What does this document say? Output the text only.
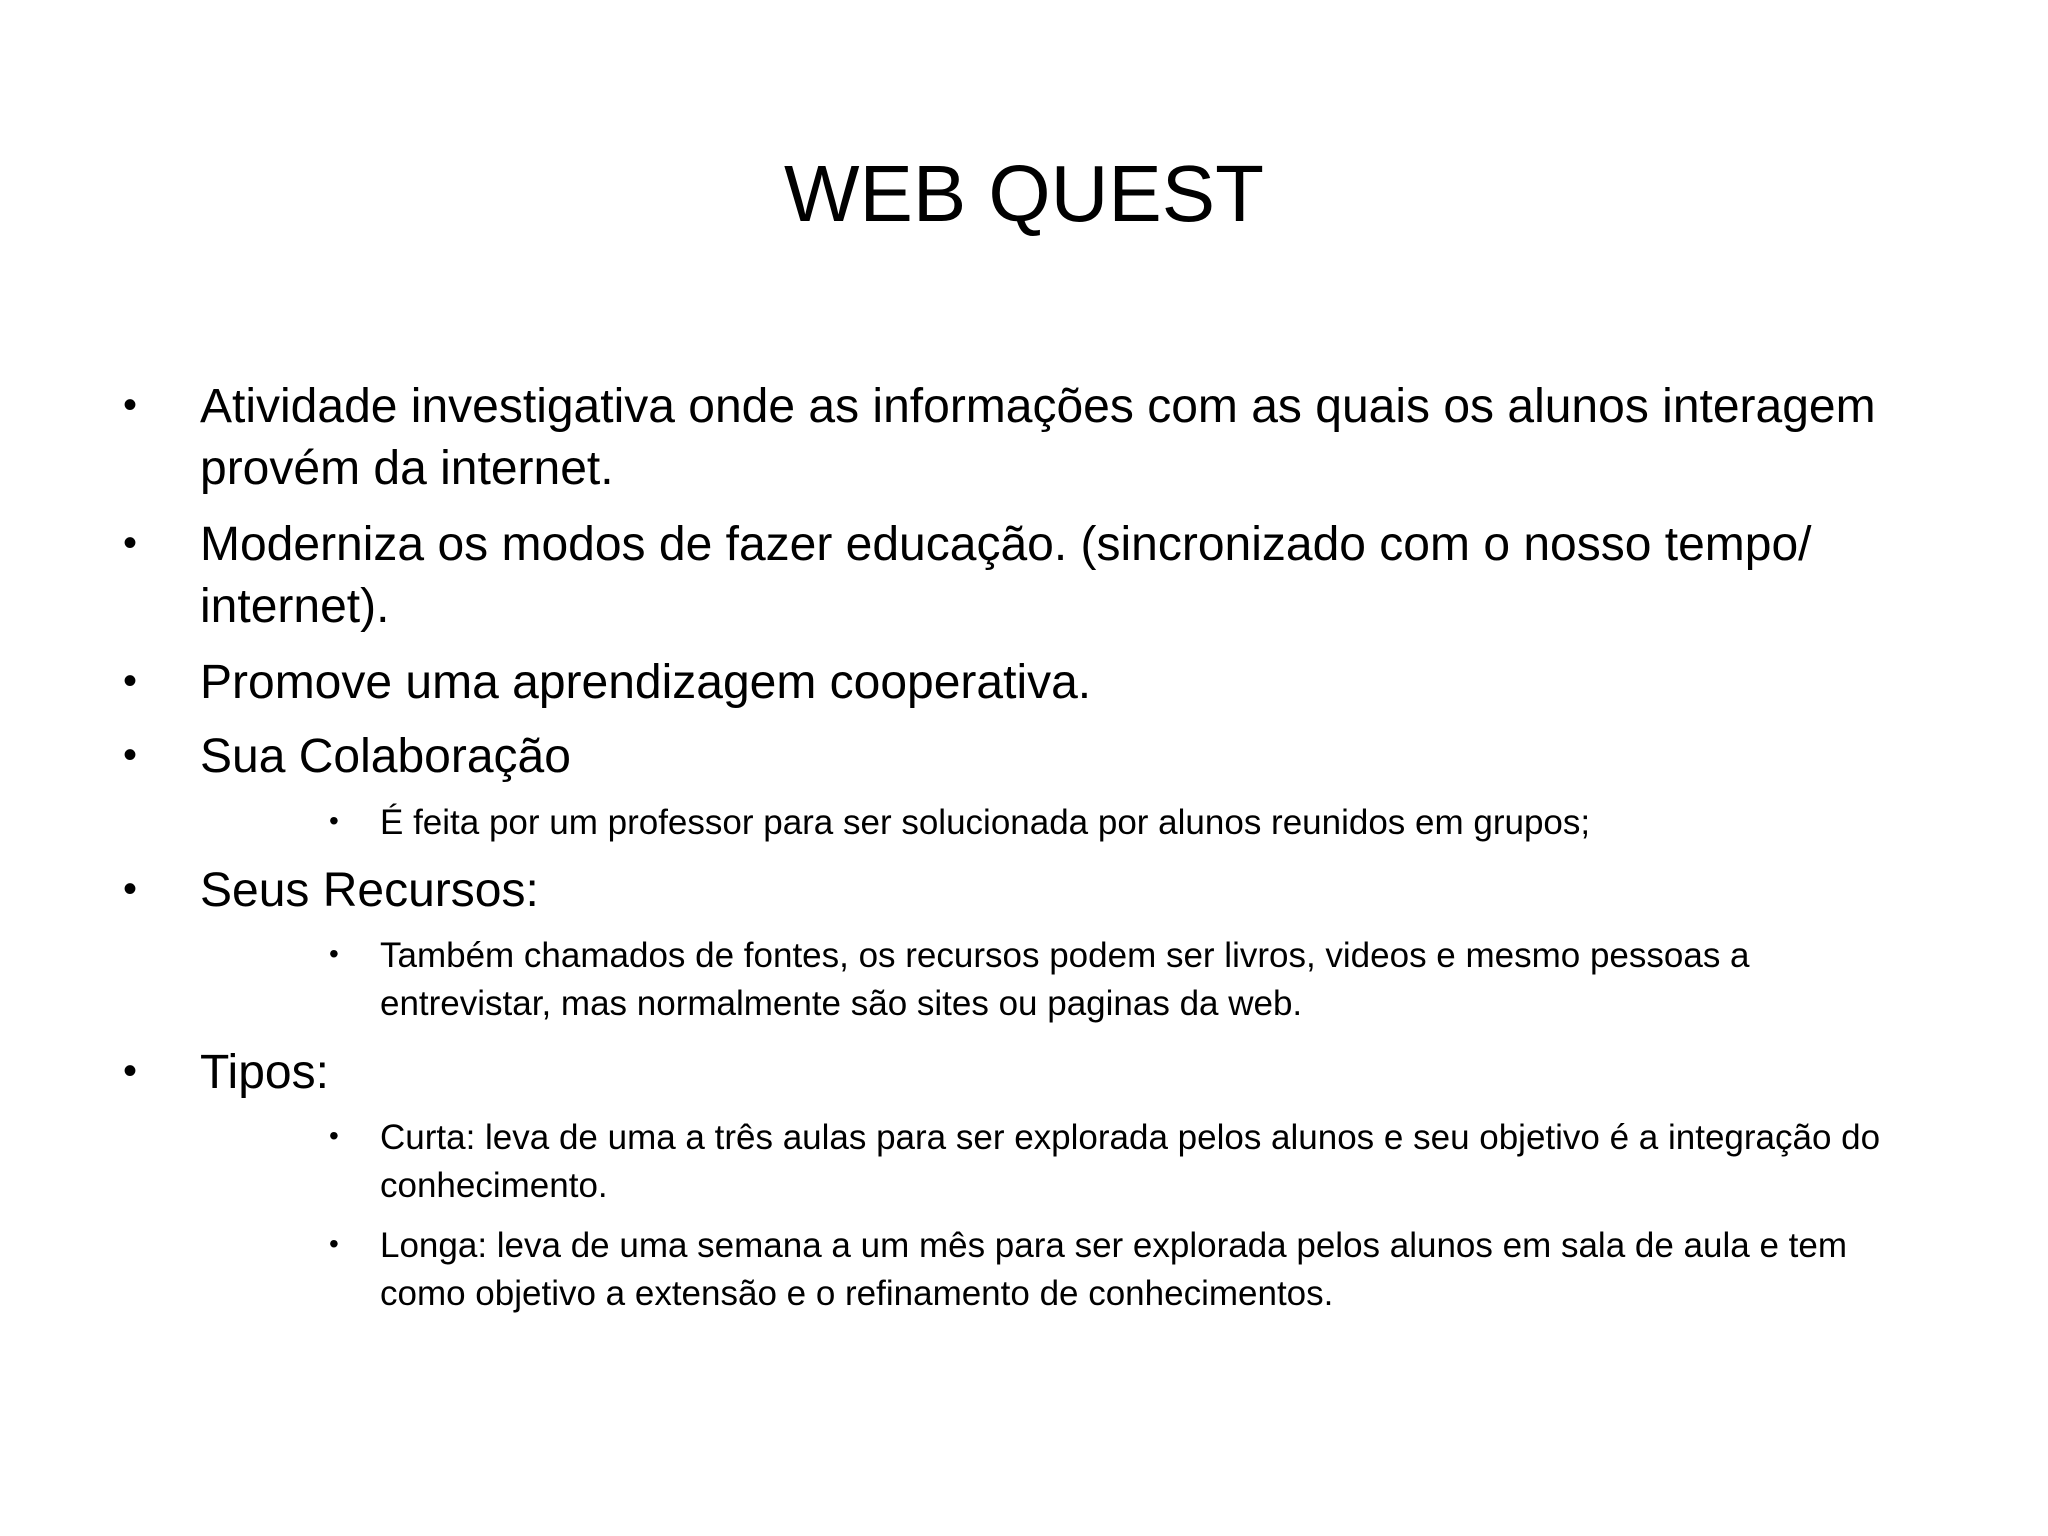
WEB QUEST
• Atividade investigativa onde as informações com as quais os alunos interagem provém da internet.
• Moderniza os modos de fazer educação. (sincronizado com o nosso tempo/ internet).
• Promove uma aprendizagem cooperativa.
• Sua Colaboração
• É feita por um professor para ser solucionada por alunos reunidos em grupos;
• Seus Recursos:
• Também chamados de fontes, os recursos podem ser livros, videos e mesmo pessoas a entrevistar, mas normalmente são sites ou paginas da web.
• Tipos:
• Curta: leva de uma a três aulas para ser explorada pelos alunos e seu objetivo é a integração do conhecimento.
• Longa: leva de uma semana a um mês para ser explorada pelos alunos em sala de aula e tem como objetivo a extensão e o refinamento de conhecimentos.
